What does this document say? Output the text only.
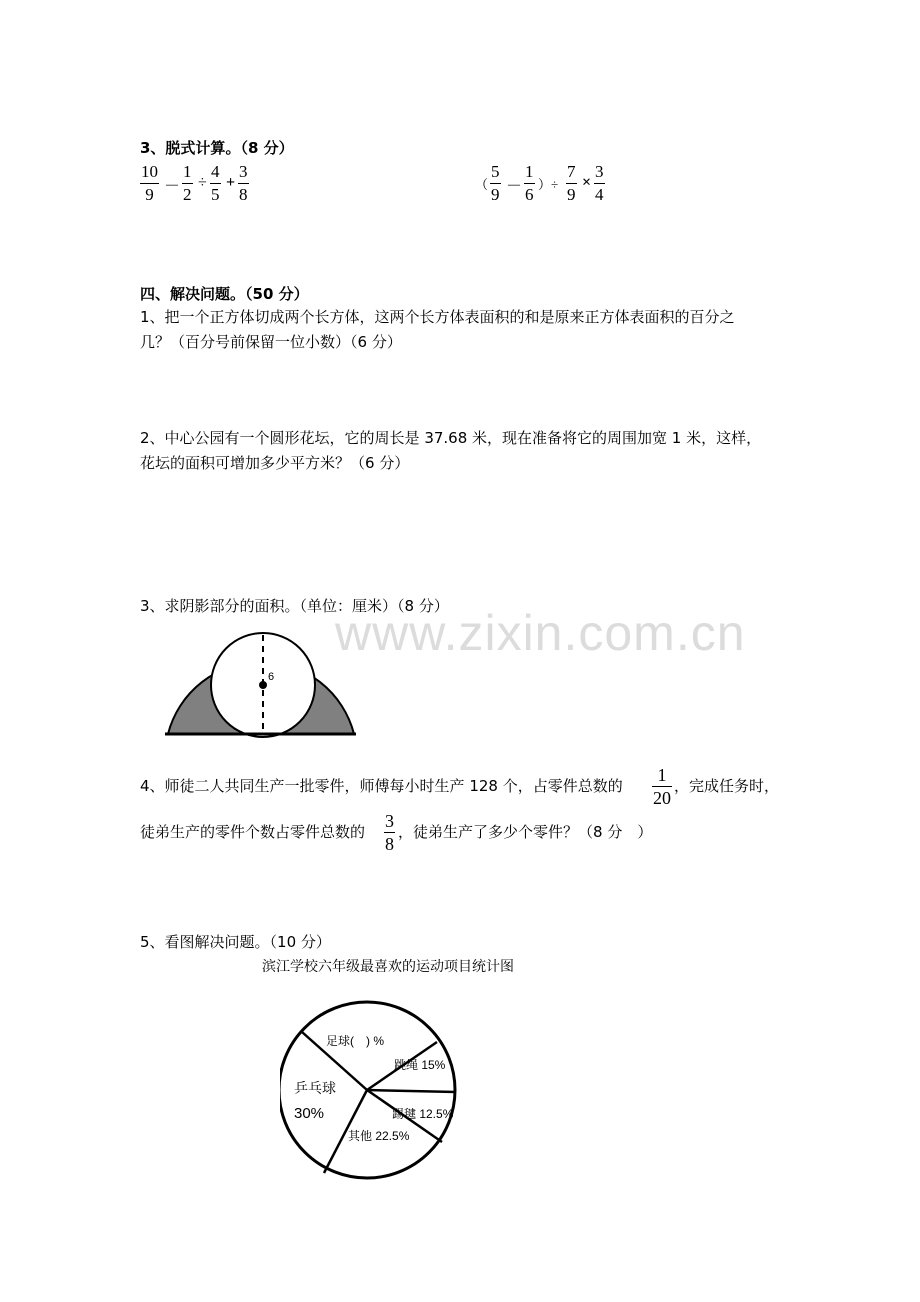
www.zixin.com.cn
3、脱式计算。（8 分）
10
9 －
1
2
÷
4
5
+
3
8
（
5
9 －
1
6
）÷
7
9
×
3
4
四、解决问题。（50 分）
1、把一个正方体切成两个长方体，这两个长方体表面积的和是原来正方体表面积的百分之
几？（百分号前保留一位小数）（6 分）
2、中心公园有一个圆形花坛，它的周长是 37.68 米，现在准备将它的周围加宽 1 米，这样，
花坛的面积可增加多少平方米？（6 分）
3、求阴影部分的面积。（单位：厘米）（8 分）
6
4、师徒二人共同生产一批零件，师傅每小时生产 128 个，占零件总数的
1
20
，完成任务时，
徒弟生产的零件个数占零件总数的
3
8
，徒弟生产了多少个零件？（8 分　）
5、看图解决问题。（10 分）
滨江学校六年级最喜欢的运动项目统计图
足球(　) %
跳绳 15%
踢毽 12.5%
其他 22.5%
乒乓球
30%
